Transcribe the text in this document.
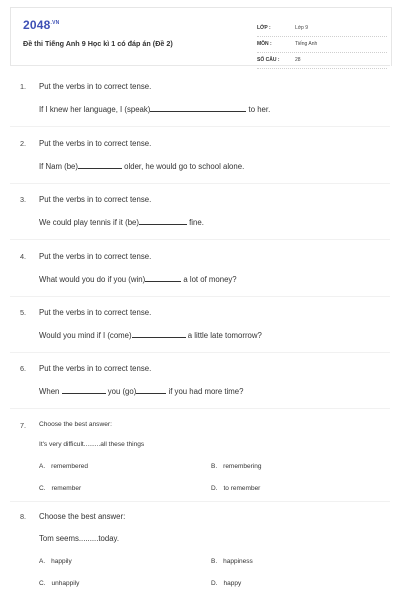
$2048^{.VN}$
Đề thi Tiếng Anh 9 Học kì 1 có đáp án (Đề 2)
LỚP :	Lớp 9
MÔN :	Tiếng Anh
SỐ CÂU :	28
1. Put the verbs in to correct tense.
If I knew her language, I (speak)	to her.
2. Put the verbs in to correct tense.
If Nam (be)	older, he would go to school alone.
3. Put the verbs in to correct tense.
We could play tennis if it (be)	fine.
4. Put the verbs in to correct tense.
What would you do if you (win)	a lot of money?
5. Put the verbs in to correct tense.
Would you mind if I (come)	a little late tomorrow?
6. Put the verbs in to correct tense.
When	you (go)	if you had more time?
7. Choose the best answer:
It's very difficult.........all these things
A. remembered	B. remembering
C. remember	D. to remember
8. Choose the best answer:
Tom seems.........today.
A. happily	B. happiness
C. unhappily	D. happy
